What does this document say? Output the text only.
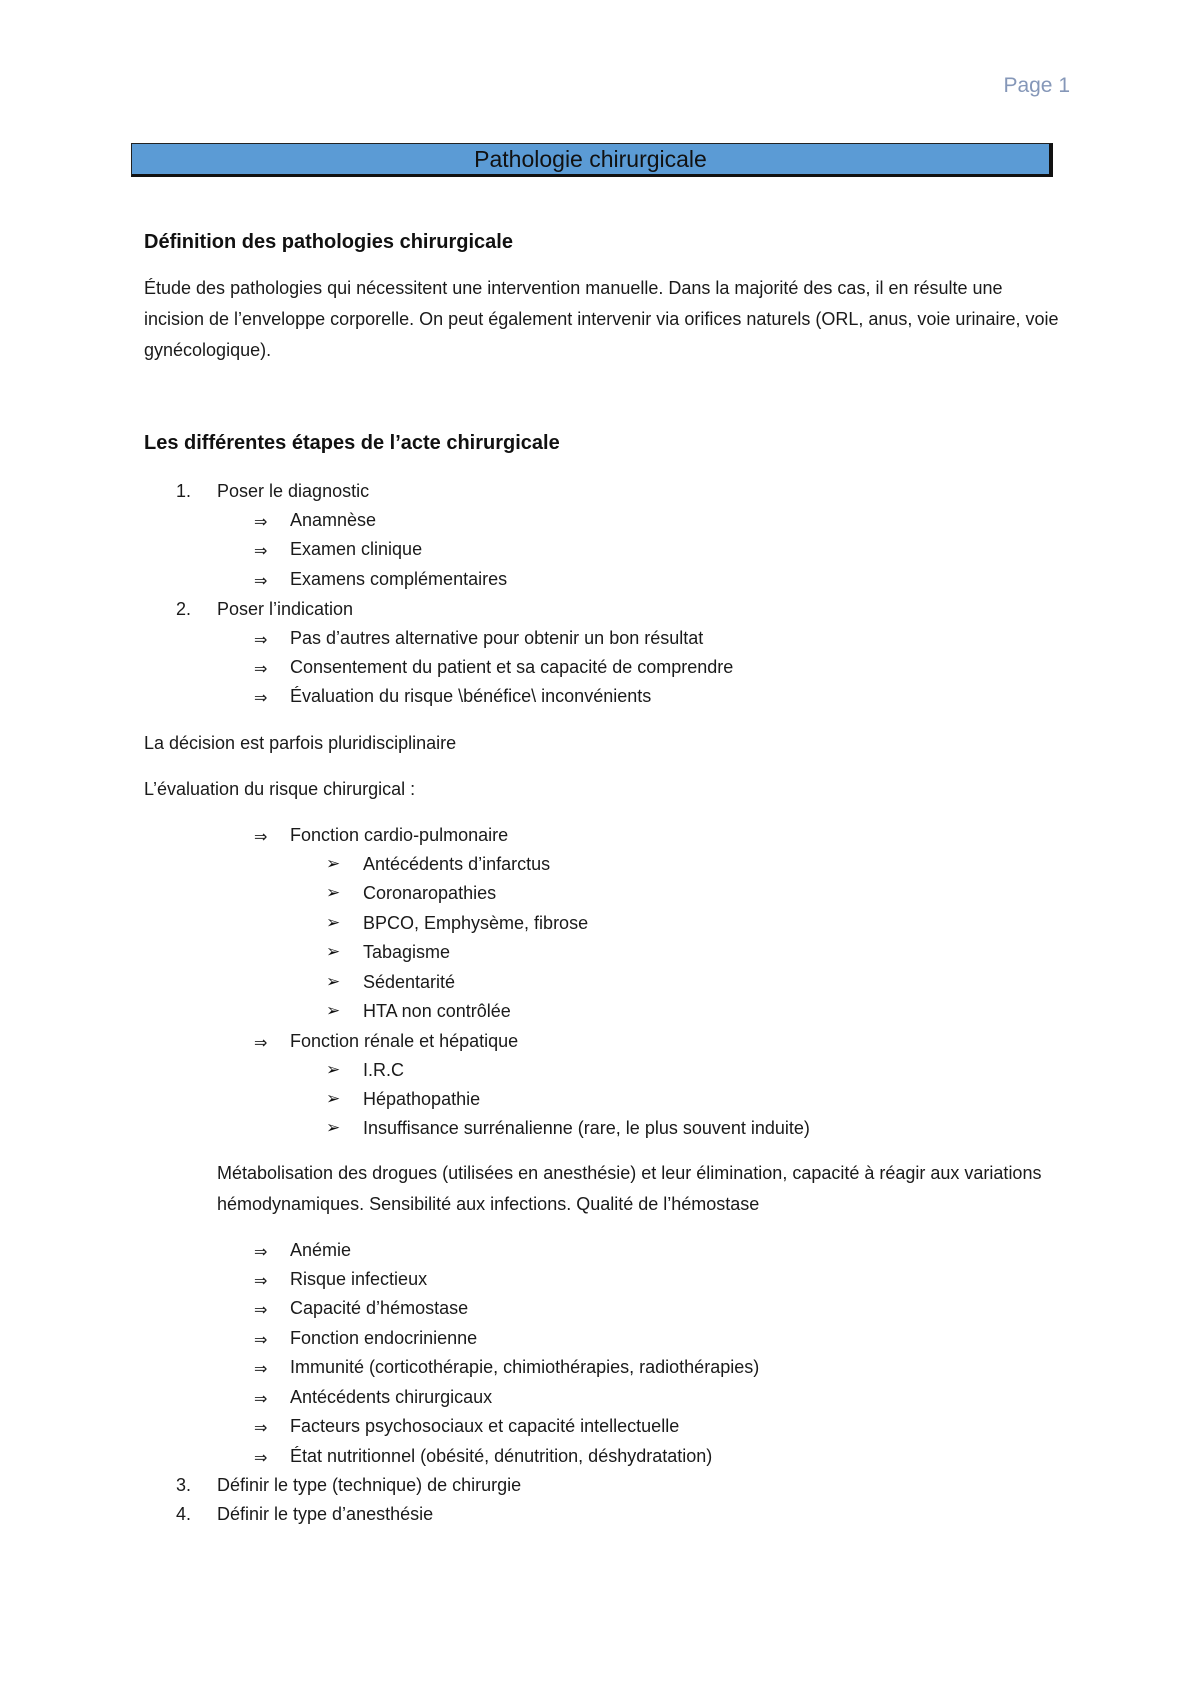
Page 1
Pathologie chirurgicale
Définition des pathologies chirurgicale
Étude des pathologies qui nécessitent une intervention manuelle. Dans la majorité des cas, il en résulte une incision de l’enveloppe corporelle. On peut également intervenir via orifices naturels (ORL, anus, voie urinaire, voie gynécologique).
Les différentes étapes de l’acte chirurgicale
1. Poser le diagnostic
⇒ Anamnèse
⇒ Examen clinique
⇒ Examens complémentaires
2. Poser l’indication
⇒ Pas d’autres alternative pour obtenir un bon résultat
⇒ Consentement du patient et sa capacité de comprendre
⇒ Évaluation du risque \bénéfice\ inconvénients
La décision est parfois pluridisciplinaire
L’évaluation du risque chirurgical :
⇒ Fonction cardio-pulmonaire
➢ Antécédents d’infarctus
➢ Coronaropathies
➢ BPCO, Emphysème, fibrose
➢ Tabagisme
➢ Sédentarité
➢ HTA non contrôlée
⇒ Fonction rénale et hépatique
➢ I.R.C
➢ Hépathopathie
➢ Insuffisance surrénalienne (rare, le plus souvent induite)
Métabolisation des drogues (utilisées en anesthésie) et leur élimination, capacité à réagir aux variations hémodynamiques. Sensibilité aux infections. Qualité de l’hémostase
⇒ Anémie
⇒ Risque infectieux
⇒ Capacité d’hémostase
⇒ Fonction endocrinienne
⇒ Immunité (corticothérapie, chimiothérapies, radiothérapies)
⇒ Antécédents chirurgicaux
⇒ Facteurs psychosociaux et capacité intellectuelle
⇒ État nutritionnel (obésité, dénutrition, déshydratation)
3. Définir le type (technique) de chirurgie
4. Définir le type d’anesthésie
